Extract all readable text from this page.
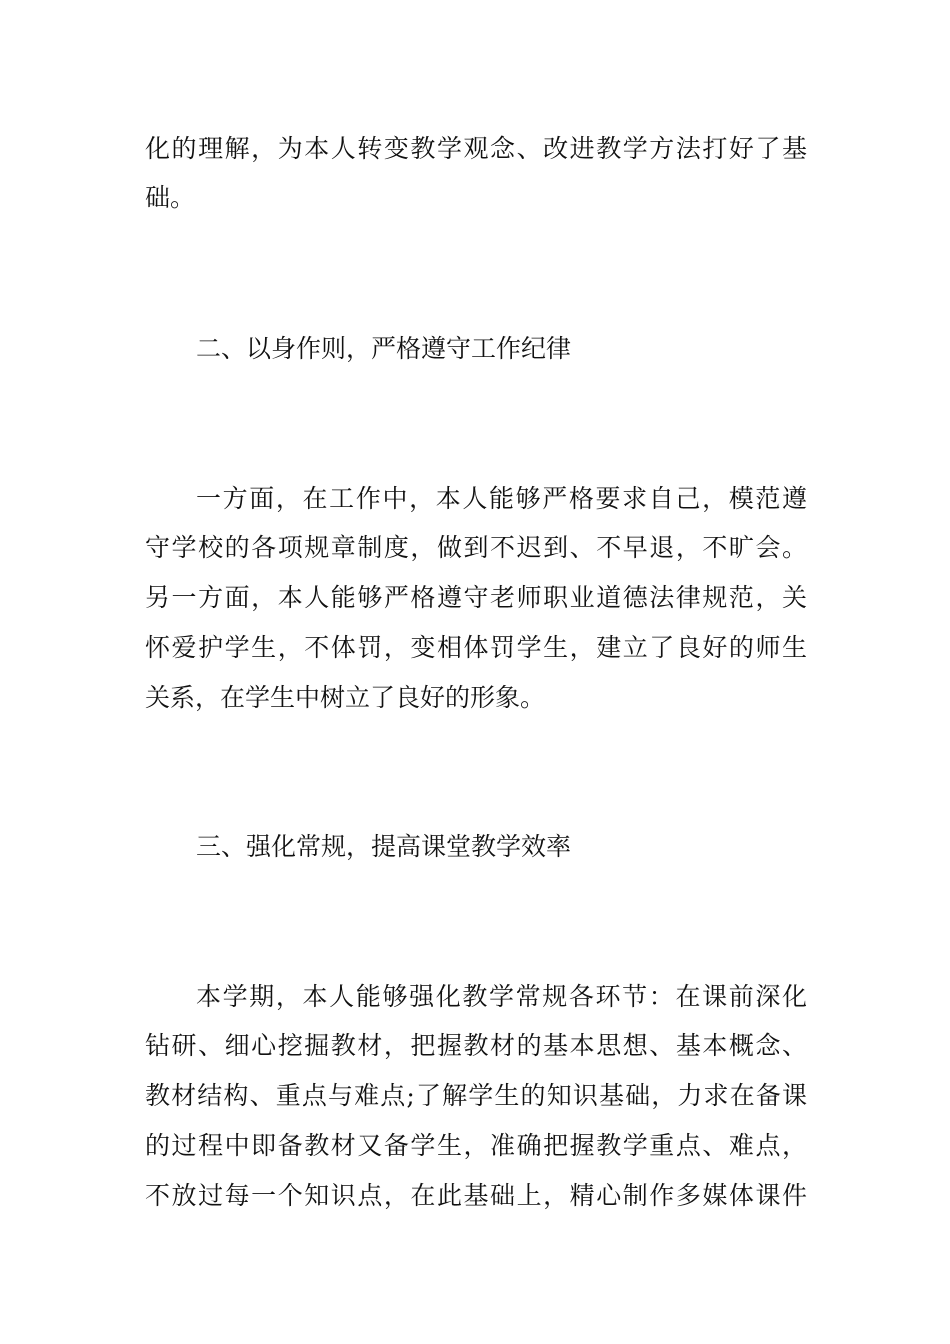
化的理解，为本人转变教学观念、改进教学方法打好了基
础。
二、以身作则，严格遵守工作纪律
一方面，在工作中，本人能够严格要求自己，模范遵
守学校的各项规章制度，做到不迟到、不早退，不旷会。
另一方面，本人能够严格遵守老师职业道德法律规范，关
怀爱护学生，不体罚，变相体罚学生，建立了良好的师生
关系，在学生中树立了良好的形象。
三、强化常规，提高课堂教学效率
本学期，本人能够强化教学常规各环节：在课前深化
钻研、细心挖掘教材，把握教材的基本思想、基本概念、
教材结构、重点与难点;了解学生的知识基础，力求在备课
的过程中即备教材又备学生，准确把握教学重点、难点，
不放过每一个知识点，在此基础上，精心制作多媒体课件
